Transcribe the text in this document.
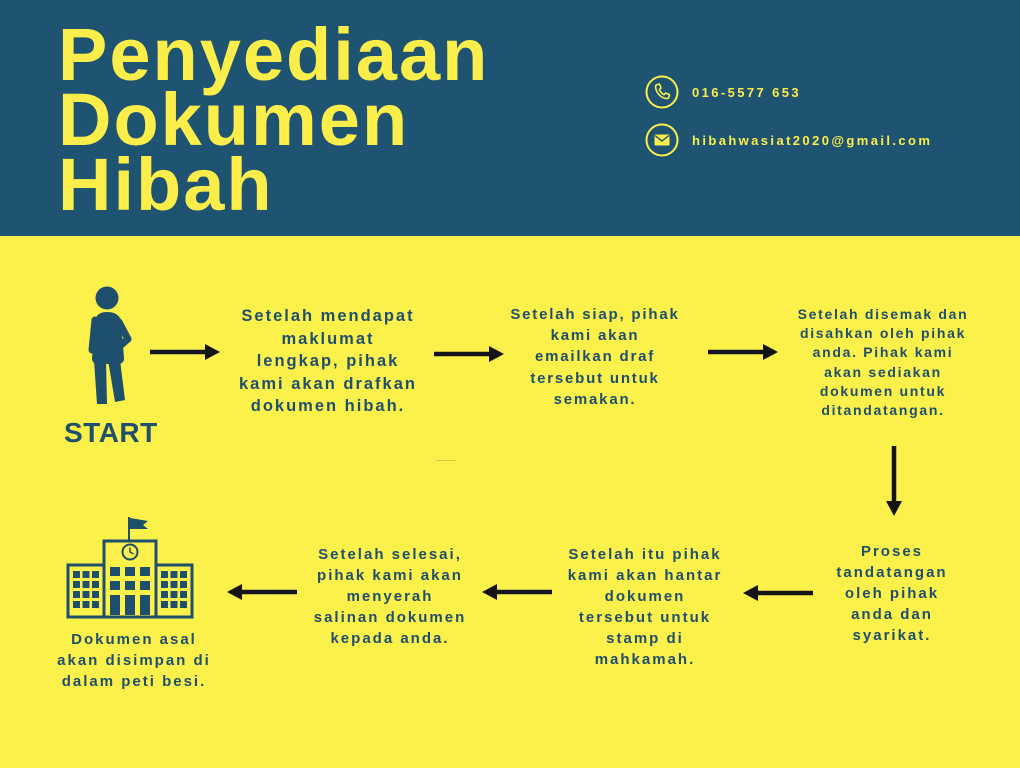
Penyediaan Dokumen Hibah
016-5577 653
hibahwasiat2020@gmail.com

START

Setelah mendapat
maklumat
lengkap, pihak
kami akan drafkan
dokumen hibah.

Setelah siap, pihak
kami akan
emailkan draf
tersebut untuk
semakan.

Setelah disemak dan
disahkan oleh pihak
anda. Pihak kami
akan sediakan
dokumen untuk
ditandatangan.

Proses
tandatangan
oleh pihak
anda dan
syarikat.

Setelah itu pihak
kami akan hantar
dokumen
tersebut untuk
stamp di
mahkamah.

Setelah selesai,
pihak kami akan
menyerah
salinan dokumen
kepada anda.

Dokumen asal
akan disimpan di
dalam peti besi.
